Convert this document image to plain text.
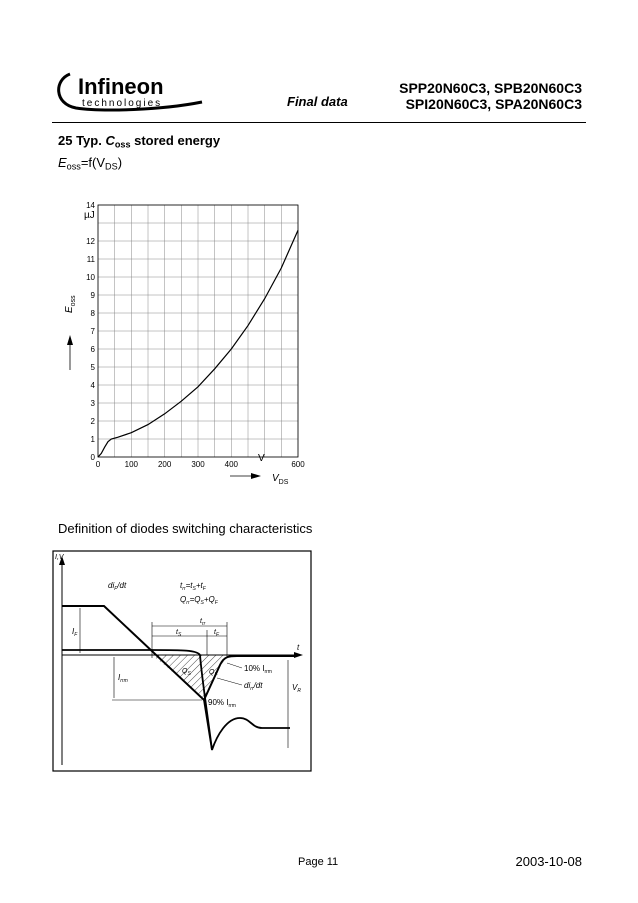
Infineon
technologies	Final data
SPP20N60C3, SPB20N60C3
SPI20N60C3, SPA20N60C3
25 Typ. $C_{oss}$ stored energy
$E_{oss}=f(V_{DS})$
0
1
2
3
4
5
6
7
8
9
10
11
12
14
0	100 200 300 400	600
µJ
$E_{oss}$
V
$V_{DS}$
Definition of diodes switching characteristics
I,V
$di_F/dt$	$t_{rr}=t_S+t_F$
$Q_{rr}=Q_S+Q_F$
$t_{rr}$
$t_S$	$t_F$
$I_F$
$Q_S$	$Q_F$
t
10% $I_{rrm}$
$I_{rrm}$	$di_{rr}/dt$
90% $I_{rrm}$
$V_R$
Page 11	2003-10-08
